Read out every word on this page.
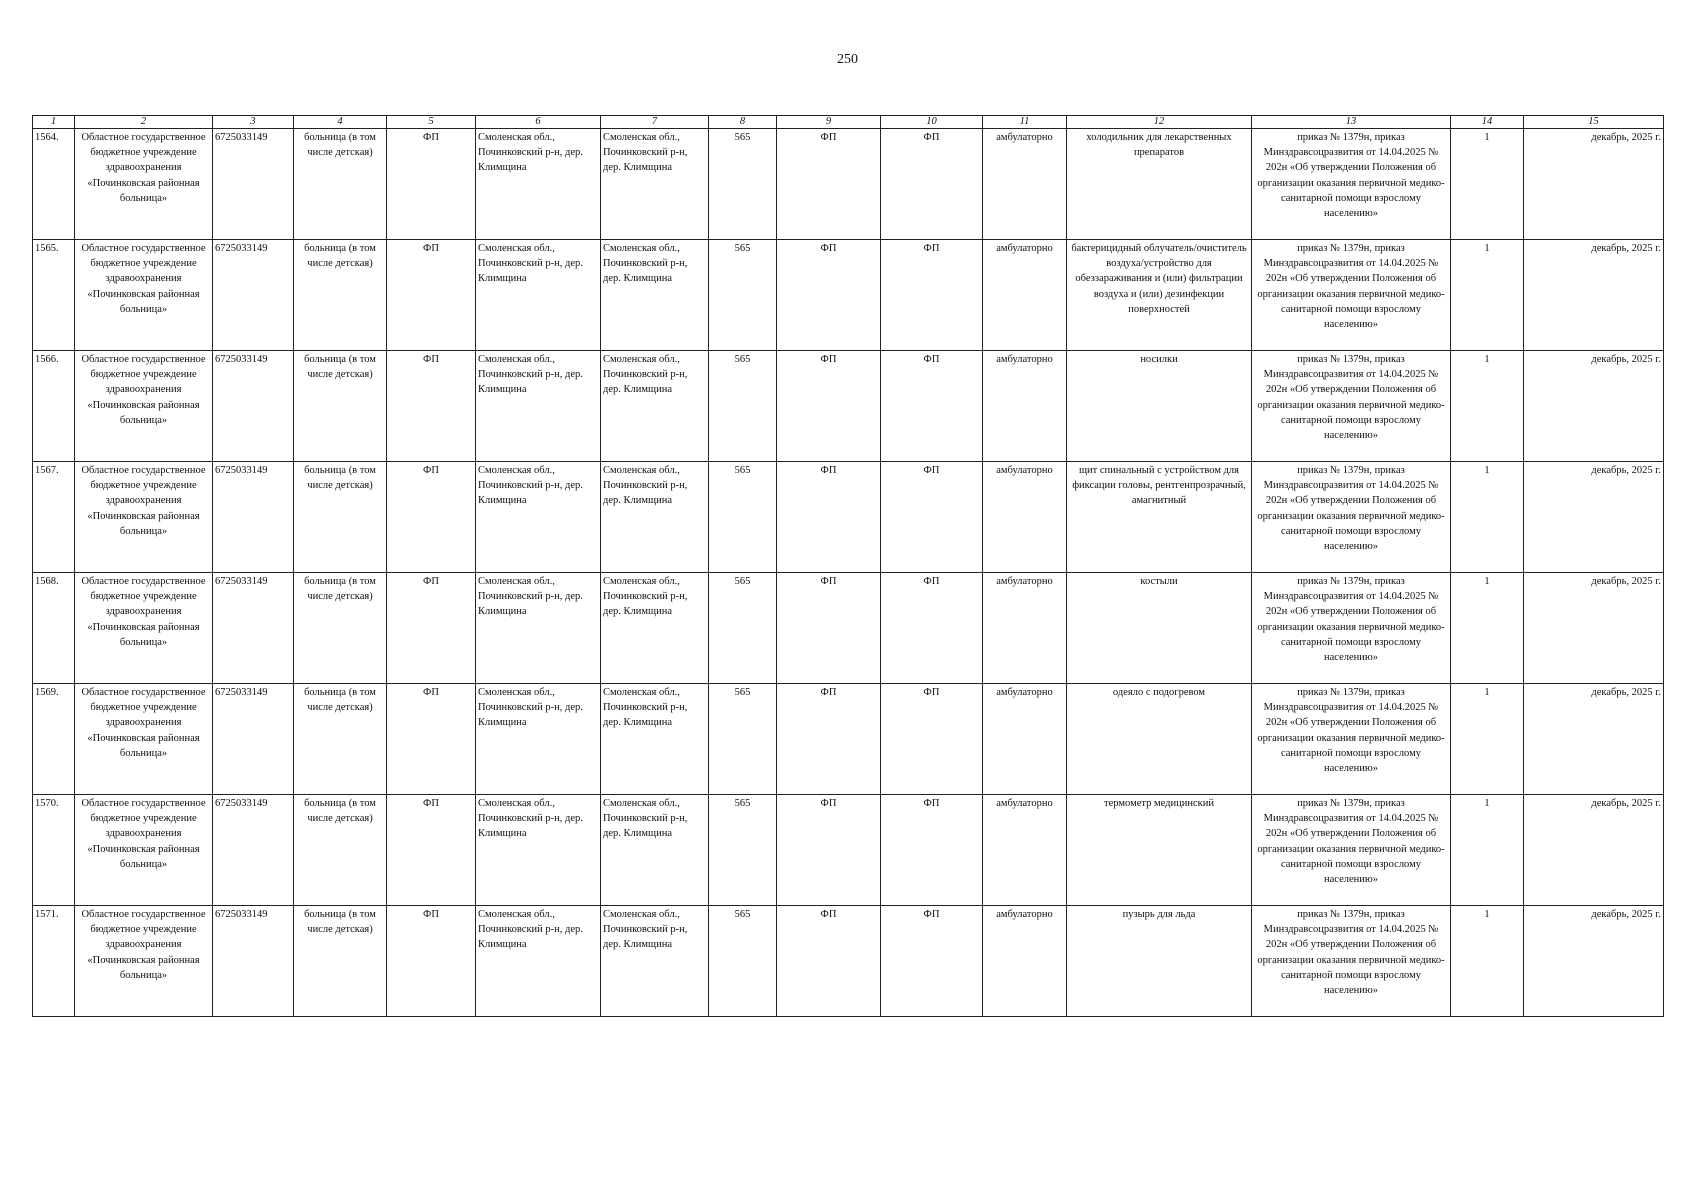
250
1	2	3	4	5	6	7	8	9	10	11	12	13	14	15
1564.	Областное государственное бюджетное учреждение здравоохранения «Починковская районная больница»	6725033149	больница (в том числе детская)	ФП	Смоленская обл., Починковский р-н, дер. Климщина	Смоленская обл., Починковский р-н, дер. Климщина	565	ФП	ФП	амбулаторно	холодильник для лекарственных препаратов	приказ № 1379н, приказ Минздравсоцразвития от 14.04.2025 № 202н «Об утверждении Положения об организации оказания первичной медико-санитарной помощи взрослому населению»	1	декабрь, 2025 г.
1565.	Областное государственное бюджетное учреждение здравоохранения «Починковская районная больница»	6725033149	больница (в том числе детская)	ФП	Смоленская обл., Починковский р-н, дер. Климщина	Смоленская обл., Починковский р-н, дер. Климщина	565	ФП	ФП	амбулаторно	бактерицидный облучатель/очиститель воздуха/устройство для обеззараживания и (или) фильтрации воздуха и (или) дезинфекции поверхностей	приказ № 1379н, приказ Минздравсоцразвития от 14.04.2025 № 202н «Об утверждении Положения об организации оказания первичной медико-санитарной помощи взрослому населению»	1	декабрь, 2025 г.
1566.	Областное государственное бюджетное учреждение здравоохранения «Починковская районная больница»	6725033149	больница (в том числе детская)	ФП	Смоленская обл., Починковский р-н, дер. Климщина	Смоленская обл., Починковский р-н, дер. Климщина	565	ФП	ФП	амбулаторно	носилки	приказ № 1379н, приказ Минздравсоцразвития от 14.04.2025 № 202н «Об утверждении Положения об организации оказания первичной медико-санитарной помощи взрослому населению»	1	декабрь, 2025 г.
1567.	Областное государственное бюджетное учреждение здравоохранения «Починковская районная больница»	6725033149	больница (в том числе детская)	ФП	Смоленская обл., Починковский р-н, дер. Климщина	Смоленская обл., Починковский р-н, дер. Климщина	565	ФП	ФП	амбулаторно	щит спинальный с устройством для фиксации головы, рентгенпрозрачный, амагнитный	приказ № 1379н, приказ Минздравсоцразвития от 14.04.2025 № 202н «Об утверждении Положения об организации оказания первичной медико-санитарной помощи взрослому населению»	1	декабрь, 2025 г.
1568.	Областное государственное бюджетное учреждение здравоохранения «Починковская районная больница»	6725033149	больница (в том числе детская)	ФП	Смоленская обл., Починковский р-н, дер. Климщина	Смоленская обл., Починковский р-н, дер. Климщина	565	ФП	ФП	амбулаторно	костыли	приказ № 1379н, приказ Минздравсоцразвития от 14.04.2025 № 202н «Об утверждении Положения об организации оказания первичной медико-санитарной помощи взрослому населению»	1	декабрь, 2025 г.
1569.	Областное государственное бюджетное учреждение здравоохранения «Починковская районная больница»	6725033149	больница (в том числе детская)	ФП	Смоленская обл., Починковский р-н, дер. Климщина	Смоленская обл., Починковский р-н, дер. Климщина	565	ФП	ФП	амбулаторно	одеяло с подогревом	приказ № 1379н, приказ Минздравсоцразвития от 14.04.2025 № 202н «Об утверждении Положения об организации оказания первичной медико-санитарной помощи взрослому населению»	1	декабрь, 2025 г.
1570.	Областное государственное бюджетное учреждение здравоохранения «Починковская районная больница»	6725033149	больница (в том числе детская)	ФП	Смоленская обл., Починковский р-н, дер. Климщина	Смоленская обл., Починковский р-н, дер. Климщина	565	ФП	ФП	амбулаторно	термометр медицинский	приказ № 1379н, приказ Минздравсоцразвития от 14.04.2025 № 202н «Об утверждении Положения об организации оказания первичной медико-санитарной помощи взрослому населению»	1	декабрь, 2025 г.
1571.	Областное государственное бюджетное учреждение здравоохранения «Починковская районная больница»	6725033149	больница (в том числе детская)	ФП	Смоленская обл., Починковский р-н, дер. Климщина	Смоленская обл., Починковский р-н, дер. Климщина	565	ФП	ФП	амбулаторно	пузырь для льда	приказ № 1379н, приказ Минздравсоцразвития от 14.04.2025 № 202н «Об утверждении Положения об организации оказания первичной медико-санитарной помощи взрослому населению»	1	декабрь, 2025 г.
